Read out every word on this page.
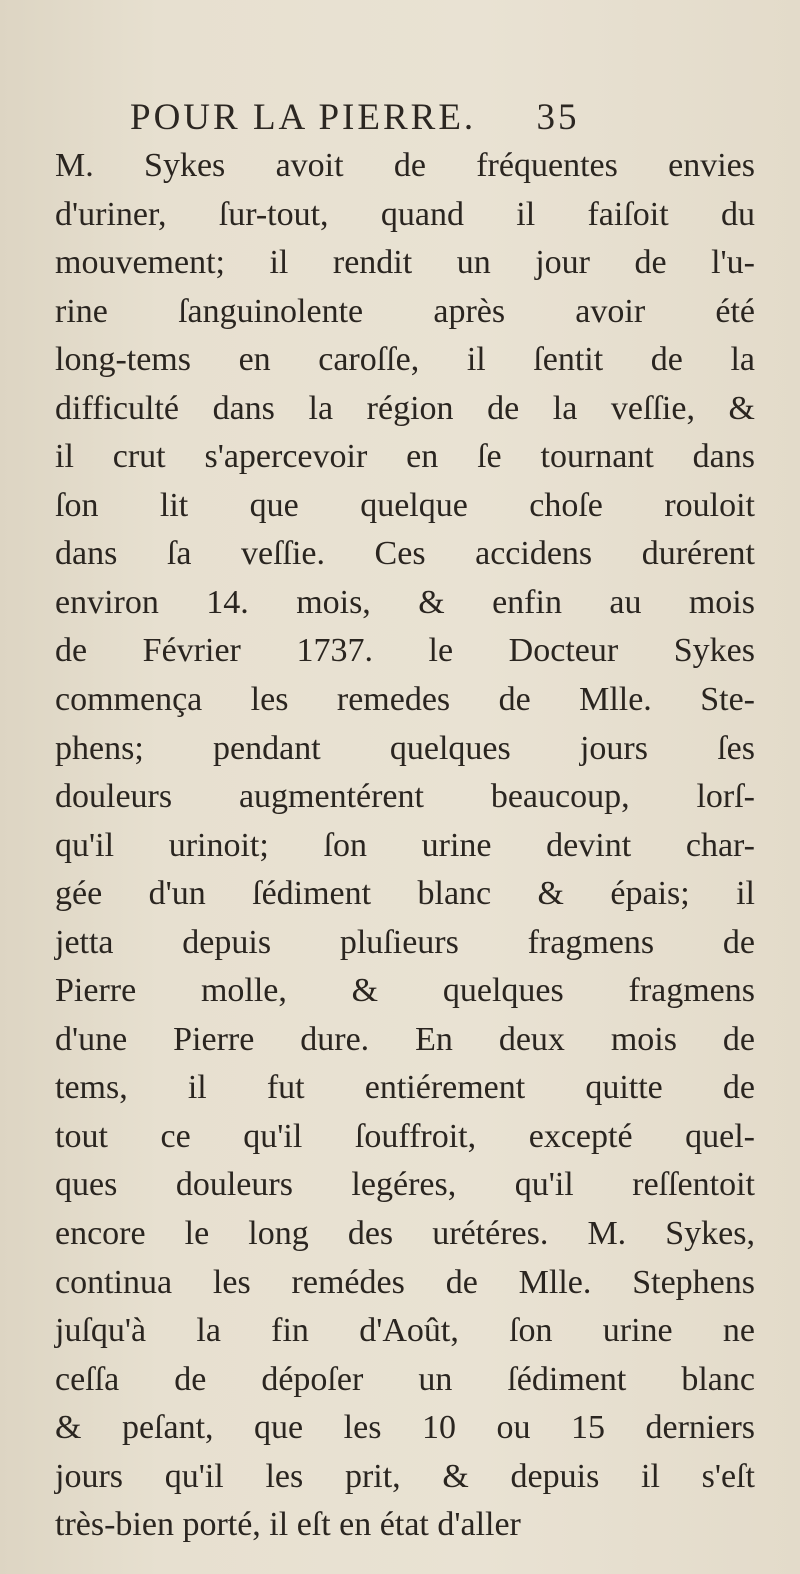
POUR LA PIERRE. 35
M. Sykes avoit de fréquentes envies
d'uriner, ſur-tout, quand il faiſoit du
mouvement; il rendit un jour de l'u-
rine ſanguinolente après avoir été
long-tems en caroſſe, il ſentit de la
difficulté dans la région de la veſſie, &
il crut s'apercevoir en ſe tournant dans
ſon lit que quelque choſe rouloit
dans ſa veſſie. Ces accidens durérent
environ 14. mois, & enfin au mois
de Février 1737. le Docteur Sykes
commença les remedes de Mlle. Ste-
phens; pendant quelques jours ſes
douleurs augmentérent beaucoup, lorſ-
qu'il urinoit; ſon urine devint char-
gée d'un ſédiment blanc & épais; il
jetta depuis pluſieurs fragmens de
Pierre molle, & quelques fragmens
d'une Pierre dure. En deux mois de
tems, il fut entiérement quitte de
tout ce qu'il ſouffroit, excepté quel-
ques douleurs legéres, qu'il reſſentoit
encore le long des urétéres. M. Sykes,
continua les remédes de Mlle. Stephens
juſqu'à la fin d'Août, ſon urine ne
ceſſa de dépoſer un ſédiment blanc
& peſant, que les 10 ou 15 derniers
jours qu'il les prit, & depuis il s'eſt
très-bien porté, il eſt en état d'aller
